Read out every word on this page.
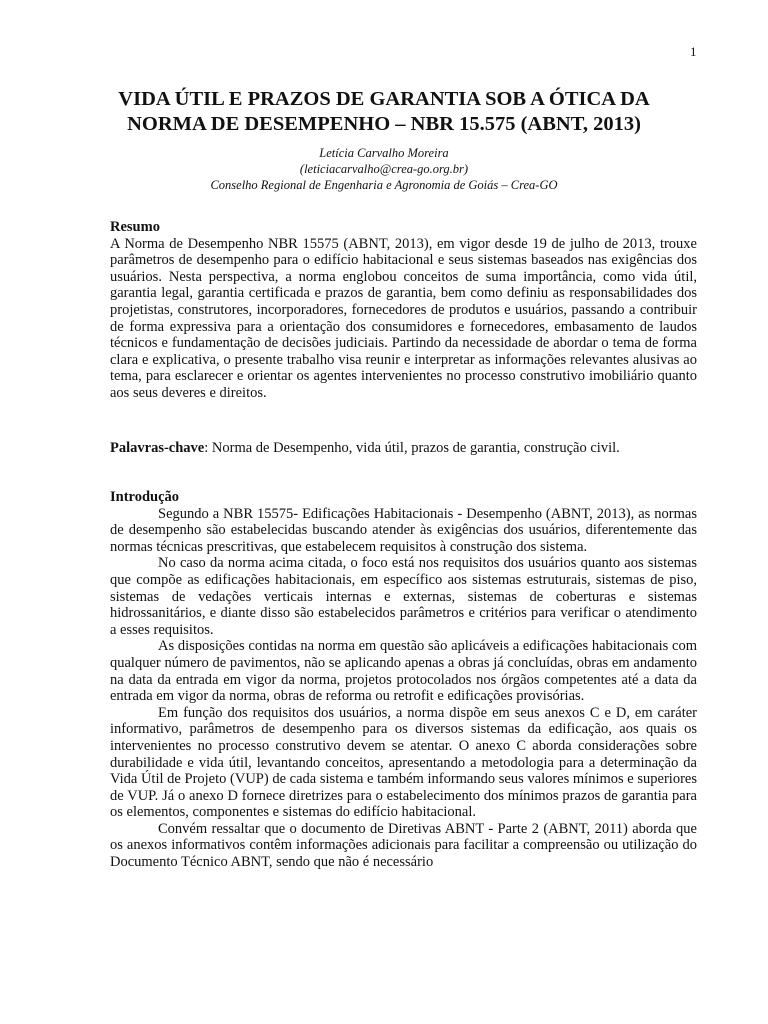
1
VIDA ÚTIL E PRAZOS DE GARANTIA SOB A ÓTICA DA
NORMA DE DESEMPENHO – NBR 15.575 (ABNT, 2013)
Letícia Carvalho Moreira
(leticiacarvalho@crea-go.org.br)
Conselho Regional de Engenharia e Agronomia de Goiás – Crea-GO
Resumo

A Norma de Desempenho NBR 15575 (ABNT, 2013), em vigor desde 19 de julho de 2013, trouxe parâmetros de desempenho para o edifício habitacional e seus sistemas baseados nas exigências dos usuários. Nesta perspectiva, a norma englobou conceitos de suma importância, como vida útil, garantia legal, garantia certificada e prazos de garantia, bem como definiu as responsabilidades dos projetistas, construtores, incorporadores, fornecedores de produtos e usuários, passando a contribuir de forma expressiva para a orientação dos consumidores e fornecedores, embasamento de laudos técnicos e fundamentação de decisões judiciais. Partindo da necessidade de abordar o tema de forma clara e explicativa, o presente trabalho visa reunir e interpretar as informações relevantes alusivas ao tema, para esclarecer e orientar os agentes intervenientes no processo construtivo imobiliário quanto aos seus deveres e direitos.

Palavras-chave: Norma de Desempenho, vida útil, prazos de garantia, construção civil.

Introdução

Segundo a NBR 15575- Edificações Habitacionais - Desempenho (ABNT, 2013), as normas de desempenho são estabelecidas buscando atender às exigências dos usuários, diferentemente das normas técnicas prescritivas, que estabelecem requisitos à construção dos sistema.

No caso da norma acima citada, o foco está nos requisitos dos usuários quanto aos sistemas que compõe as edificações habitacionais, em específico aos sistemas estruturais, sistemas de piso, sistemas de vedações verticais internas e externas, sistemas de coberturas e sistemas hidrossanitários, e diante disso são estabelecidos parâmetros e critérios para verificar o atendimento a esses requisitos.

As disposições contidas na norma em questão são aplicáveis a edificações habitacionais com qualquer número de pavimentos, não se aplicando apenas a obras já concluídas, obras em andamento na data da entrada em vigor da norma, projetos protocolados nos órgãos competentes até a data da entrada em vigor da norma, obras de reforma ou retrofit e edificações provisórias.

Em função dos requisitos dos usuários, a norma dispõe em seus anexos C e D, em caráter informativo, parâmetros de desempenho para os diversos sistemas da edificação, aos quais os intervenientes no processo construtivo devem se atentar. O anexo C aborda considerações sobre durabilidade e vida útil, levantando conceitos, apresentando a metodologia para a determinação da Vida Útil de Projeto (VUP) de cada sistema e também informando seus valores mínimos e superiores de VUP. Já o anexo D fornece diretrizes para o estabelecimento dos mínimos prazos de garantia para os elementos, componentes e sistemas do edifício habitacional.

Convém ressaltar que o documento de Diretivas ABNT - Parte 2 (ABNT, 2011) aborda que os anexos informativos contêm informações adicionais para facilitar a compreensão ou utilização do Documento Técnico ABNT, sendo que não é necessário
